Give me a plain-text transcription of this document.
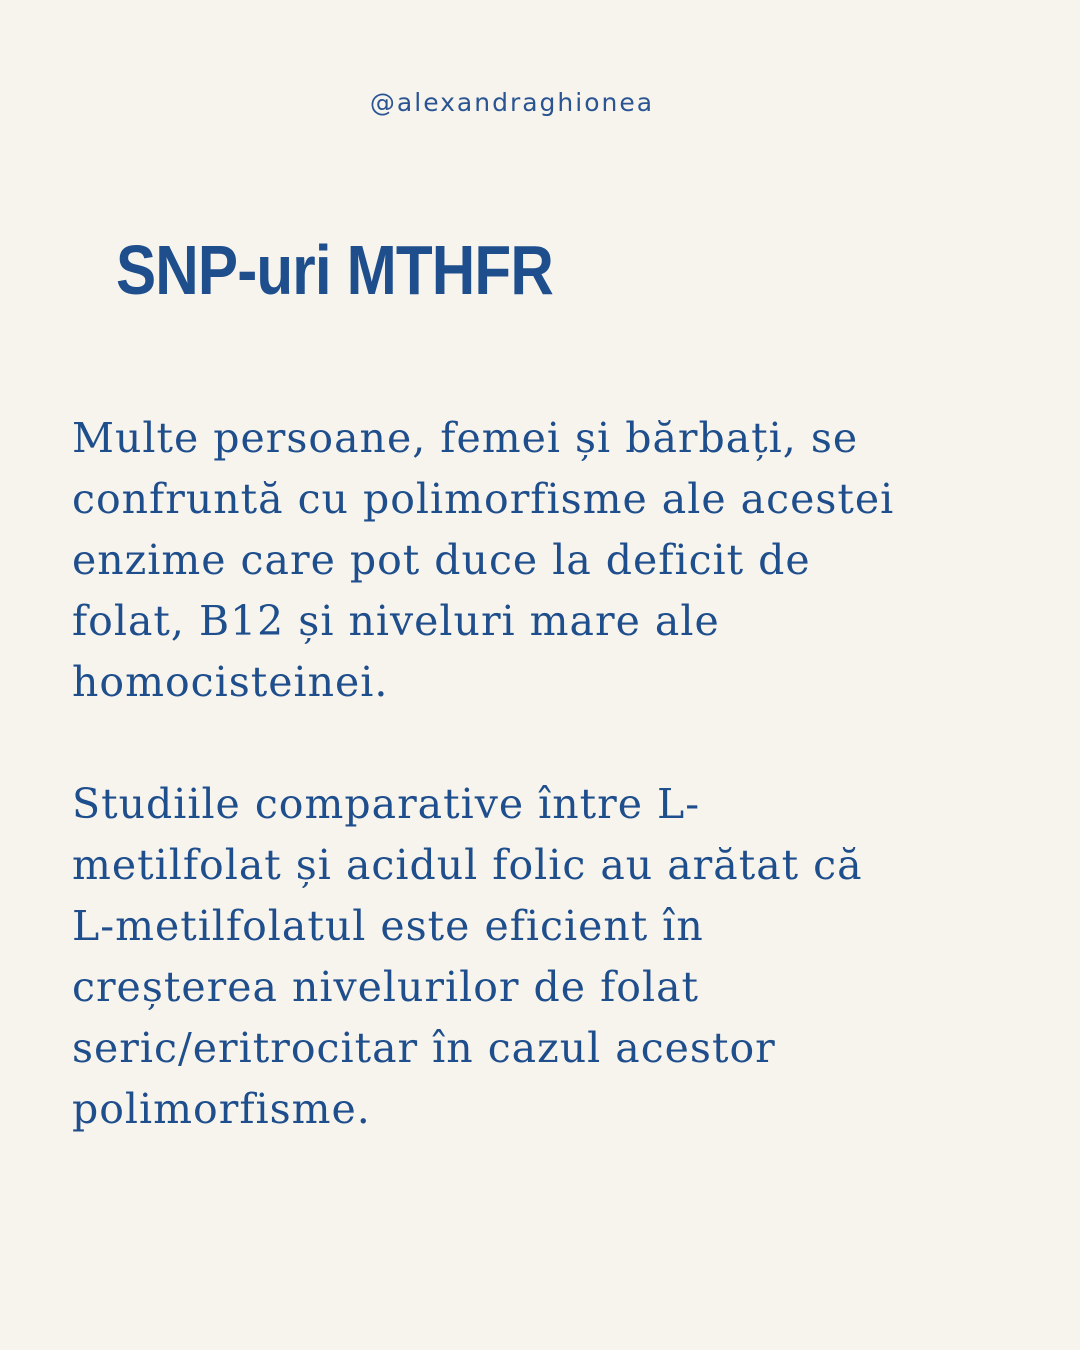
@alexandraghionea
SNP-uri MTHFR
Multe persoane, femei și bărbați, se
confruntă cu polimorfisme ale acestei
enzime care pot duce la deficit de
folat, B12 și niveluri mare ale
homocisteinei.
Studiile comparative între L-
metilfolat și acidul folic au arătat că
L-metilfolatul este eficient în
creșterea nivelurilor de folat
seric/eritrocitar în cazul acestor
polimorfisme.
